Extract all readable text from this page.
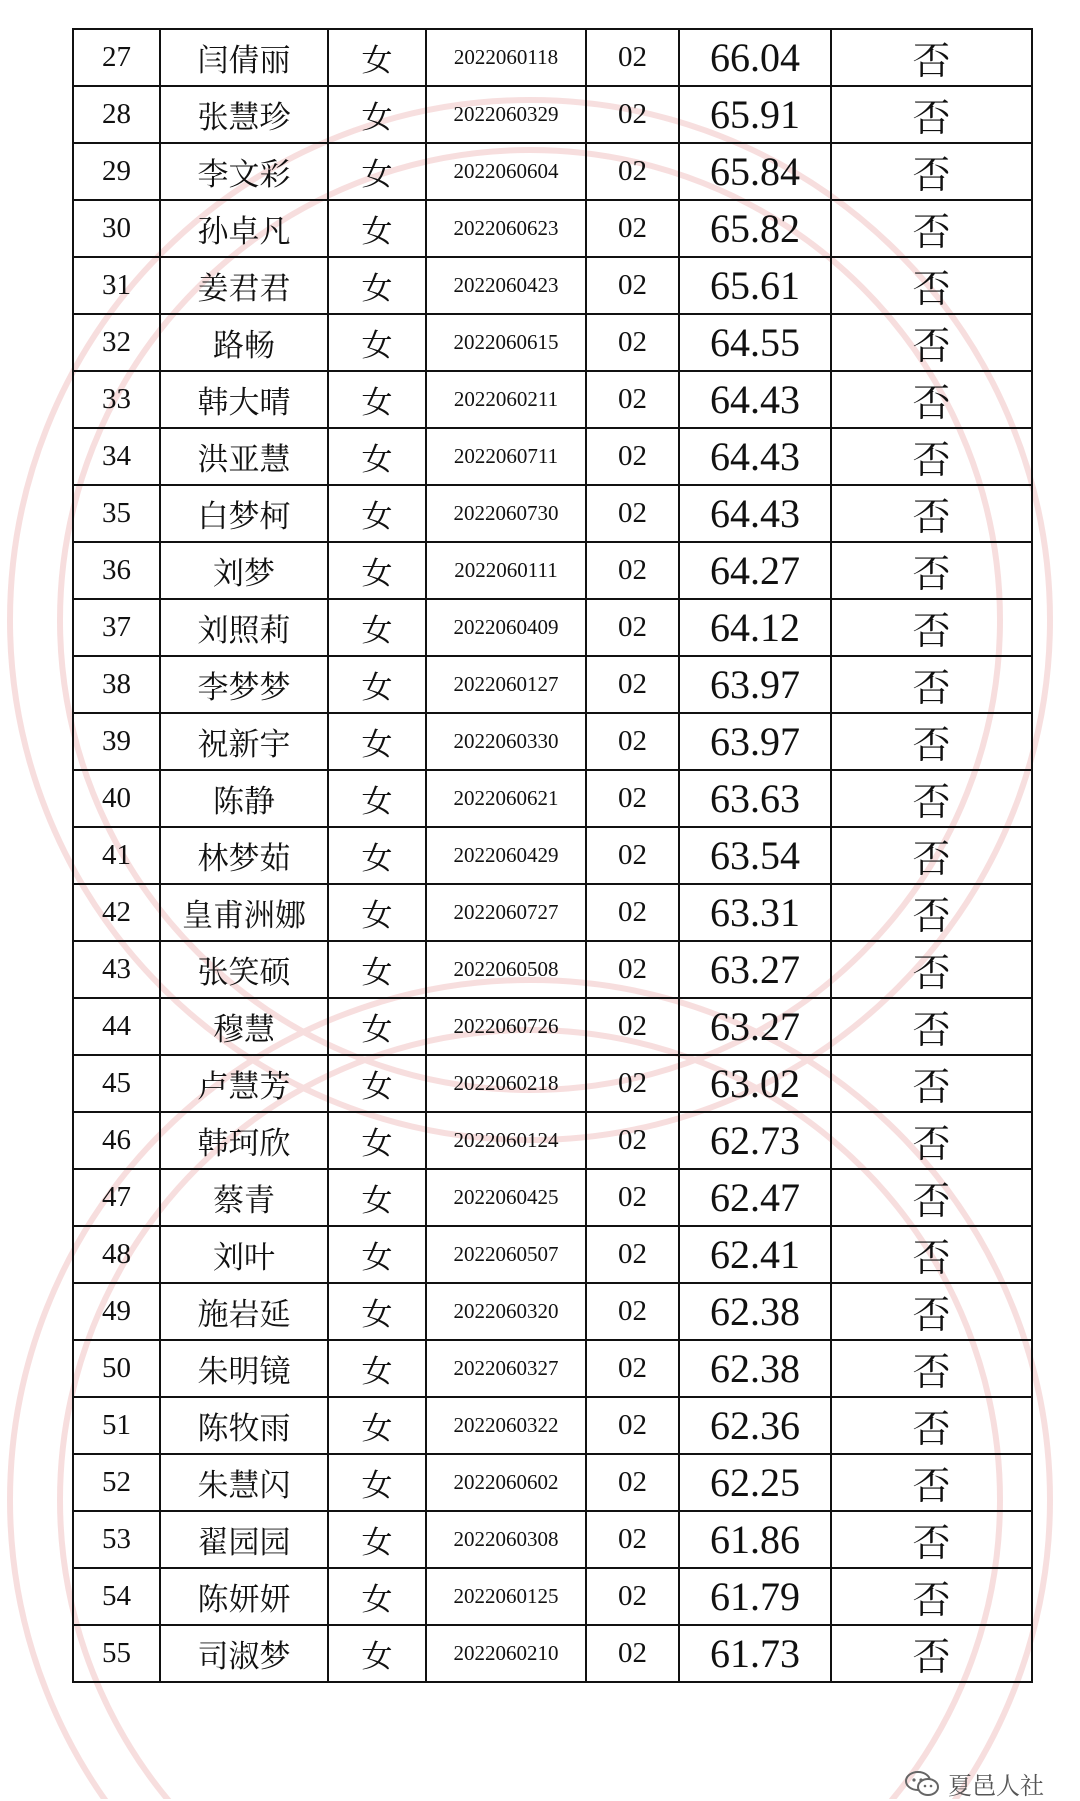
27	闫倩丽	女	2022060118	02	66.04	否
28	张慧珍	女	2022060329	02	65.91	否
29	李文彩	女	2022060604	02	65.84	否
30	孙卓凡	女	2022060623	02	65.82	否
31	姜君君	女	2022060423	02	65.61	否
32	路畅	女	2022060615	02	64.55	否
33	韩大晴	女	2022060211	02	64.43	否
34	洪亚慧	女	2022060711	02	64.43	否
35	白梦柯	女	2022060730	02	64.43	否
36	刘梦	女	2022060111	02	64.27	否
37	刘照莉	女	2022060409	02	64.12	否
38	李梦梦	女	2022060127	02	63.97	否
39	祝新宇	女	2022060330	02	63.97	否
40	陈静	女	2022060621	02	63.63	否
41	林梦茹	女	2022060429	02	63.54	否
42	皇甫洲娜	女	2022060727	02	63.31	否
43	张笑硕	女	2022060508	02	63.27	否
44	穆慧	女	2022060726	02	63.27	否
45	卢慧芳	女	2022060218	02	63.02	否
46	韩珂欣	女	2022060124	02	62.73	否
47	蔡青	女	2022060425	02	62.47	否
48	刘叶	女	2022060507	02	62.41	否
49	施岩延	女	2022060320	02	62.38	否
50	朱明镜	女	2022060327	02	62.38	否
51	陈牧雨	女	2022060322	02	62.36	否
52	朱慧闪	女	2022060602	02	62.25	否
53	翟园园	女	2022060308	02	61.86	否
54	陈妍妍	女	2022060125	02	61.79	否
55	司淑梦	女	2022060210	02	61.73	否
夏邑人社
